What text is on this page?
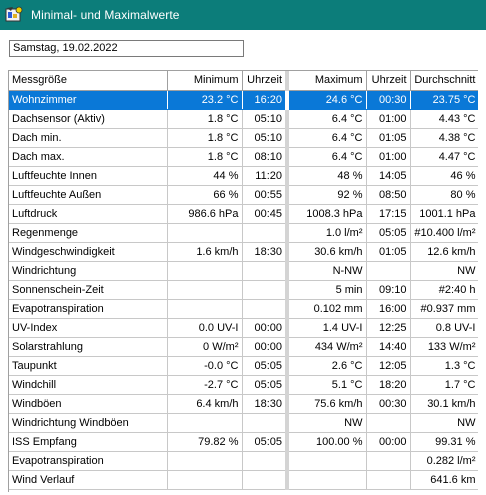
Minimal- und Maximalwerte
Samstag, 19.02.2022
Messgröße	Minimum	Uhrzeit	Maximum	Uhrzeit	Durchschnitt
Wohnzimmer	23.2 °C	16:20	24.6 °C	00:30	23.75 °C
Dachsensor (Aktiv)	1.8 °C	05:10	6.4 °C	01:00	4.43 °C
Dach min.	1.8 °C	05:10	6.4 °C	01:05	4.38 °C
Dach max.	1.8 °C	08:10	6.4 °C	01:00	4.47 °C
Luftfeuchte Innen	44 %	11:20	48 %	14:05	46 %
Luftfeuchte Außen	66 %	00:55	92 %	08:50	80 %
Luftdruck	986.6 hPa	00:45	1008.3 hPa	17:15	1001.1 hPa
Regenmenge			1.0 l/m²	05:05	#10.400 l/m²
Windgeschwindigkeit	1.6 km/h	18:30	30.6 km/h	01:05	12.6 km/h
Windrichtung			N-NW		NW
Sonnenschein-Zeit			5 min	09:10	#2:40 h
Evapotranspiration			0.102 mm	16:00	#0.937 mm
UV-Index	0.0 UV-I	00:00	1.4 UV-I	12:25	0.8 UV-I
Solarstrahlung	0 W/m²	00:00	434 W/m²	14:40	133 W/m²
Taupunkt	-0.0 °C	05:05	2.6 °C	12:05	1.3 °C
Windchill	-2.7 °C	05:05	5.1 °C	18:20	1.7 °C
Windböen	6.4 km/h	18:30	75.6 km/h	00:30	30.1 km/h
Windrichtung Windböen			NW		NW
ISS Empfang	79.82 %	05:05	100.00 %	00:00	99.31 %
Evapotranspiration					0.282 l/m²
Wind Verlauf					641.6 km
